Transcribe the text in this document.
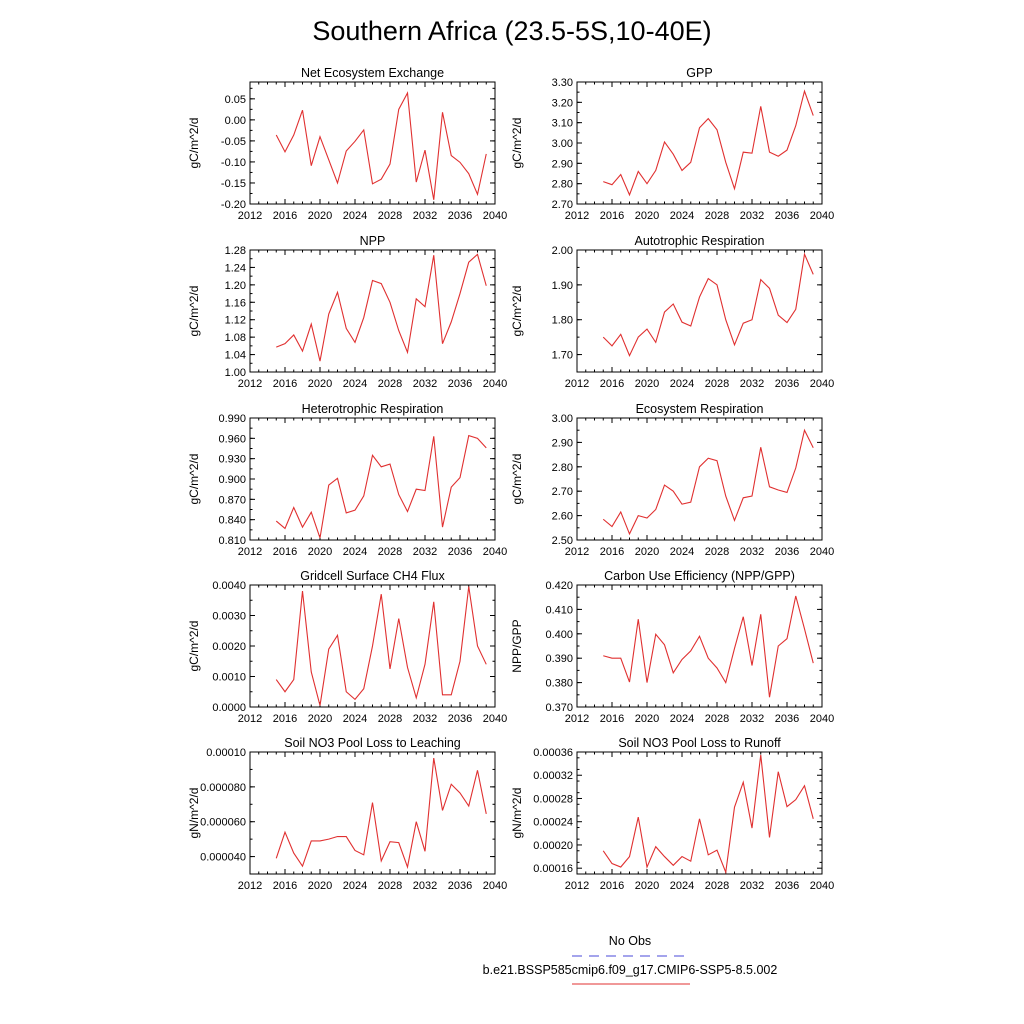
Southern Africa (23.5-5S,10-40E)
Net Ecosystem Exchange
2012 2016 2020 2024 2028 2032 2036 2040
-0.20
-0.15
-0.10
-0.05
0.00
0.05
gC/m^2/d
GPP
2012 2016 2020 2024 2028 2032 2036 2040
2.70
2.80
2.90
3.00
3.10
3.20
3.30
gC/m^2/d
NPP
2012 2016 2020 2024 2028 2032 2036 2040
1.00
1.04
1.08
1.12
1.16
1.20
1.24
1.28
gC/m^2/d
Autotrophic Respiration
2012 2016 2020 2024 2028 2032 2036 2040
1.70
1.80
1.90
2.00
gC/m^2/d
Heterotrophic Respiration
2012 2016 2020 2024 2028 2032 2036 2040
0.810
0.840
0.870
0.900
0.930
0.960
0.990
gC/m^2/d
Ecosystem Respiration
2012 2016 2020 2024 2028 2032 2036 2040
2.50
2.60
2.70
2.80
2.90
3.00
gC/m^2/d
Gridcell Surface CH4 Flux
2012 2016 2020 2024 2028 2032 2036 2040
0.0000
0.0010
0.0020
0.0030
0.0040
gC/m^2/d
Carbon Use Efficiency (NPP/GPP)
2012 2016 2020 2024 2028 2032 2036 2040
0.370
0.380
0.390
0.400
0.410
0.420
NPP/GPP
Soil NO3 Pool Loss to Leaching
2012 2016 2020 2024 2028 2032 2036 2040
0.000040
0.000060
0.000080
0.00010
gN/m^2/d
Soil NO3 Pool Loss to Runoff
2012 2016 2020 2024 2028 2032 2036 2040
0.00016
0.00020
0.00024
0.00028
0.00032
0.00036
gN/m^2/d
No Obs
b.e21.BSSP585cmip6.f09_g17.CMIP6-SSP5-8.5.002
